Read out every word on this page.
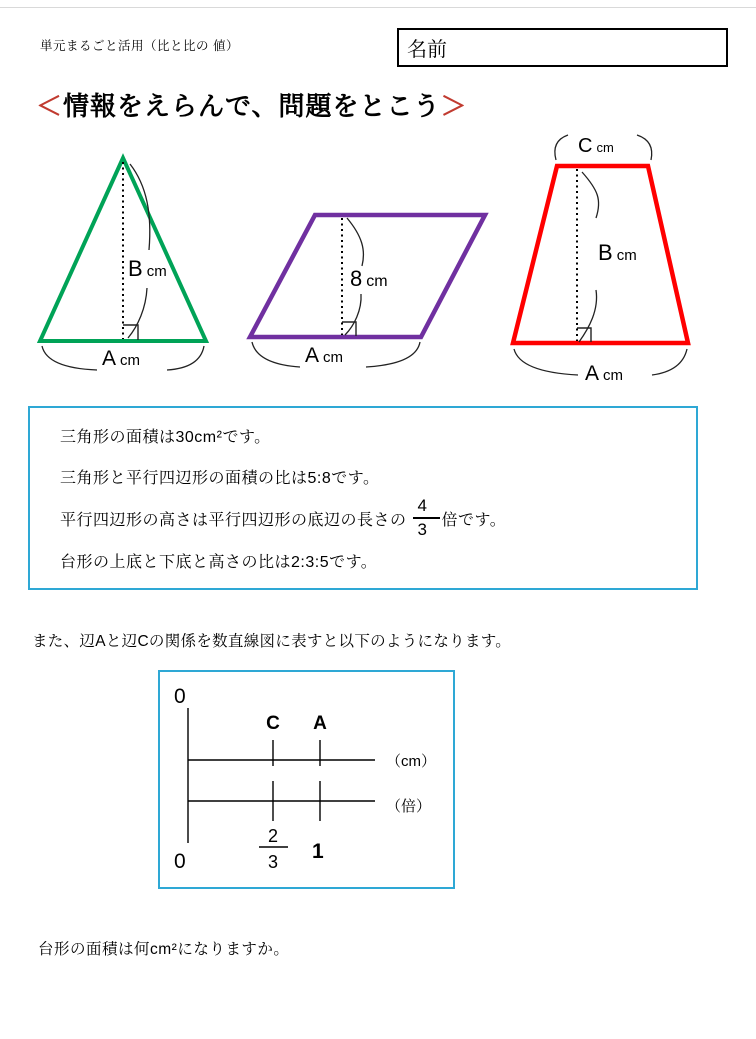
単元まるごと活用（比と比の 値）	名前
＜情報をえらんで、問題をとこう＞
B cm
A cm
8 cm
A cm
Ccm
B cm
A cm
三角形の面積は30cm²です。
三角形と平行四辺形の面積の比は5:8です。
平行四辺形の高さは平行四辺形の底辺の長さの $\frac{4}{3}$ 倍です。
台形の上底と下底と高さの比は2:3:5です。
また、辺Aと辺Cの関係を数直線図に表すと以下のようになります。
0
C A
（cm）
（倍）
2
3 1
0
台形の面積は何cm²になりますか。
